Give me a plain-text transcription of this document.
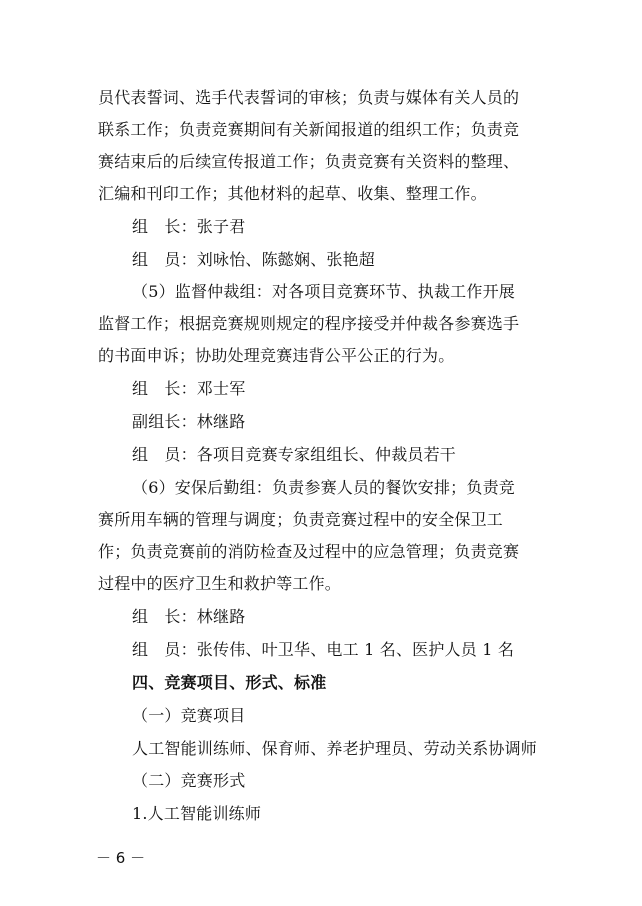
员代表誓词、选手代表誓词的审核；负责与媒体有关人员的
联系工作；负责竞赛期间有关新闻报道的组织工作；负责竞
赛结束后的后续宣传报道工作；负责竞赛有关资料的整理、
汇编和刊印工作；其他材料的起草、收集、整理工作。
组　长：张子君
组　员：刘咏怡、陈懿娴、张艳超
（5）监督仲裁组：对各项目竞赛环节、执裁工作开展
监督工作；根据竞赛规则规定的程序接受并仲裁各参赛选手
的书面申诉；协助处理竞赛违背公平公正的行为。
组　长：邓士军
副组长：林继路
组　员：各项目竞赛专家组组长、仲裁员若干
（6）安保后勤组：负责参赛人员的餐饮安排；负责竞
赛所用车辆的管理与调度；负责竞赛过程中的安全保卫工
作；负责竞赛前的消防检查及过程中的应急管理；负责竞赛
过程中的医疗卫生和救护等工作。
组　长：林继路
组　员：张传伟、叶卫华、电工 1 名、医护人员 1 名
四、竞赛项目、形式、标准
（一）竞赛项目
人工智能训练师、保育师、养老护理员、劳动关系协调师
（二）竞赛形式
1.人工智能训练师
－ 6 －
